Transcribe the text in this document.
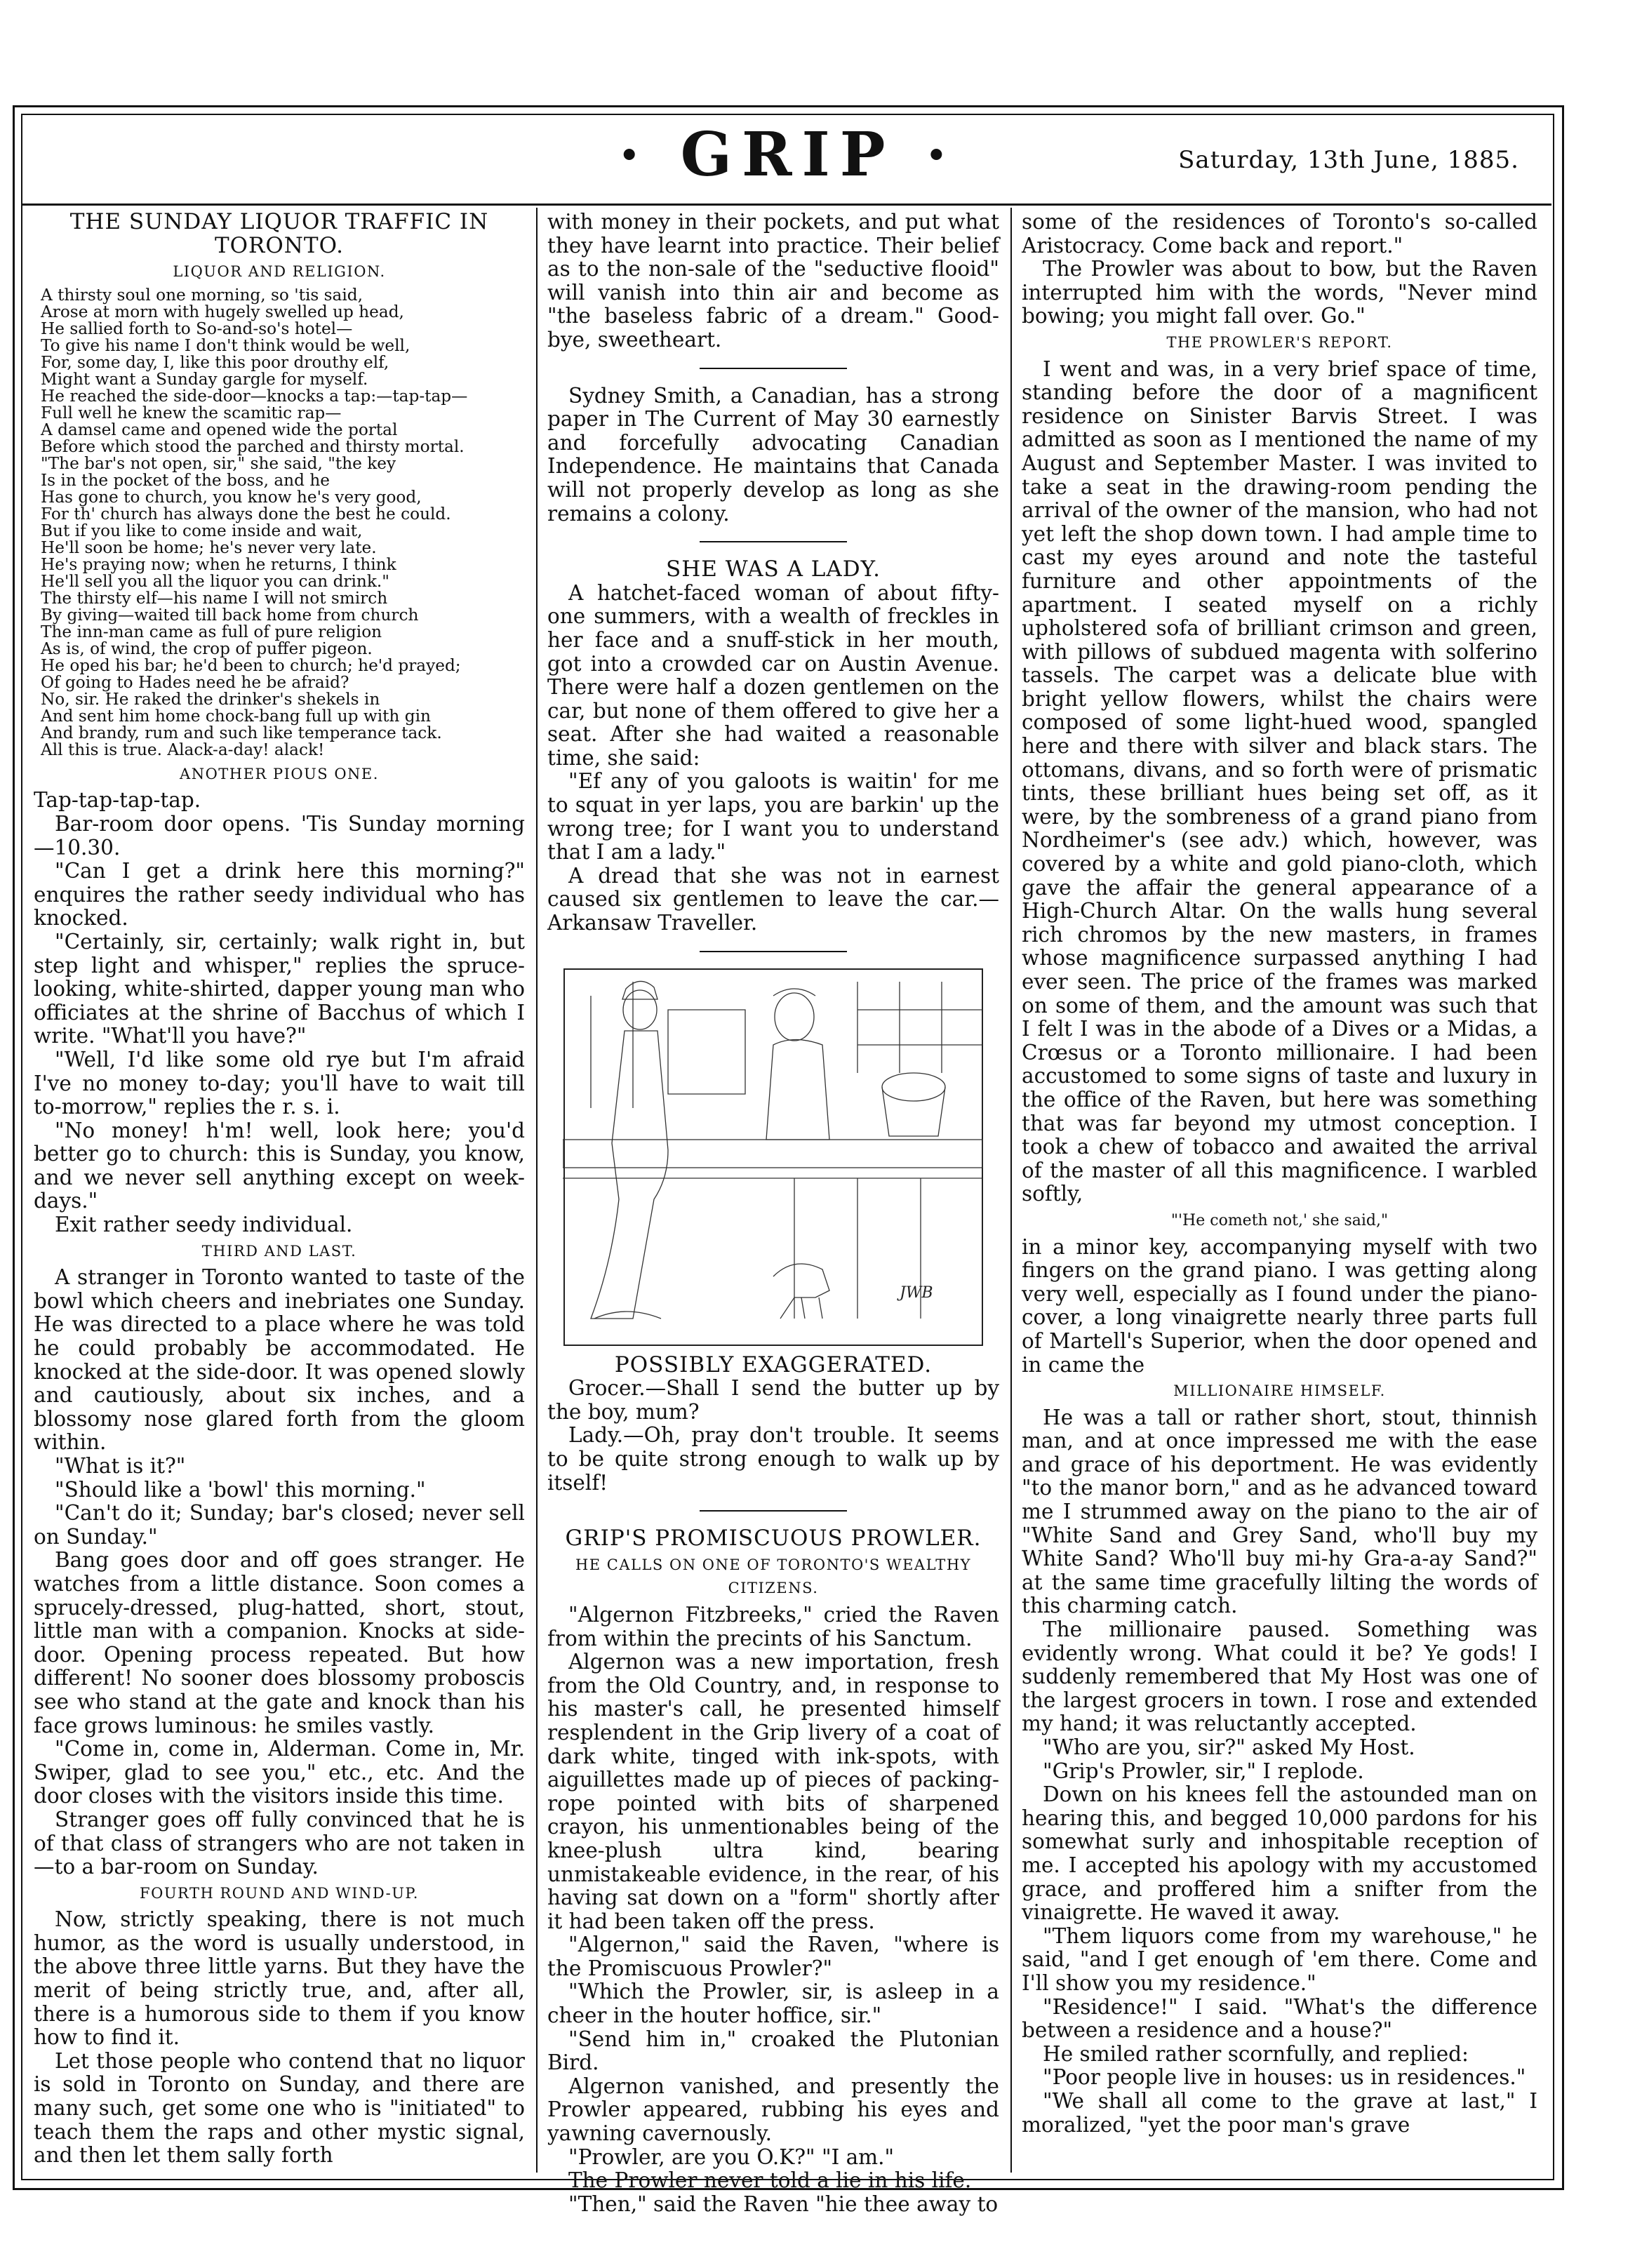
· GRIP ·	Saturday, 13th June, 1885.

THE SUNDAY LIQUOR TRAFFIC IN TORONTO.

LIQUOR AND RELIGION.

A thirsty soul one morning, so 'tis said,
Arose at morn with hugely swelled up head,
He sallied forth to So-and-so's hotel—
To give his name I don't think would be well,
For, some day, I, like this poor drouthy elf,
Might want a Sunday gargle for myself.
He reached the side-door—knocks a tap:—tap-tap—
Full well he knew the scamitic rap—
A damsel came and opened wide the portal
Before which stood the parched and thirsty mortal.
"The bar's not open, sir," she said, "the key
Is in the pocket of the boss, and he
Has gone to church, you know he's very good,
For th' church has always done the best he could.
But if you like to come inside and wait,
He'll soon be home; he's never very late.
He's praying now; when he returns, I think
He'll sell you all the liquor you can drink."
The thirsty elf—his name I will not smirch
By giving—waited till back home from church
The inn-man came as full of pure religion
As is, of wind, the crop of puffer pigeon.
He oped his bar; he'd been to church; he'd prayed;
Of going to Hades need he be afraid?
No, sir. He raked the drinker's shekels in
And sent him home chock-bang full up with gin
And brandy, rum and such like temperance tack.
All this is true. Alack-a-day! alack!

ANOTHER PIOUS ONE.

Tap-tap-tap-tap.

Bar-room door opens. 'Tis Sunday morning —10.30.

"Can I get a drink here this morning?" enquires the rather seedy individual who has knocked.

"Certainly, sir, certainly; walk right in, but step light and whisper," replies the spruce-looking, white-shirted, dapper young man who officiates at the shrine of Bacchus of which I write. "What'll you have?"

"Well, I'd like some old rye but I'm afraid I've no money to-day; you'll have to wait till to-morrow," replies the r. s. i.

"No money! h'm! well, look here; you'd better go to church: this is Sunday, you know, and we never sell anything except on week-days."

Exit rather seedy individual.

THIRD AND LAST.

A stranger in Toronto wanted to taste of the bowl which cheers and inebriates one Sunday. He was directed to a place where he was told he could probably be accommodated. He knocked at the side-door. It was opened slowly and cautiously, about six inches, and a blossomy nose glared forth from the gloom within.

"What is it?"

"Should like a 'bowl' this morning."

"Can't do it; Sunday; bar's closed; never sell on Sunday."

Bang goes door and off goes stranger. He watches from a little distance. Soon comes a sprucely-dressed, plug-hatted, short, stout, little man with a companion. Knocks at side-door. Opening process repeated. But how different! No sooner does blossomy proboscis see who stand at the gate and knock than his face grows luminous: he smiles vastly.

"Come in, come in, Alderman. Come in, Mr. Swiper, glad to see you," etc., etc. And the door closes with the visitors inside this time.

Stranger goes off fully convinced that he is of that class of strangers who are not taken in —to a bar-room on Sunday.

FOURTH ROUND AND WIND-UP.

Now, strictly speaking, there is not much humor, as the word is usually understood, in the above three little yarns. But they have the merit of being strictly true, and, after all, there is a humorous side to them if you know how to find it.

Let those people who contend that no liquor is sold in Toronto on Sunday, and there are many such, get some one who is "initiated" to teach them the raps and other mystic signal, and then let them sally forth

with money in their pockets, and put what they have learnt into practice. Their belief as to the non-sale of the "seductive flooid" will vanish into thin air and become as "the baseless fabric of a dream." Good-bye, sweetheart.

Sydney Smith, a Canadian, has a strong paper in The Current of May 30 earnestly and forcefully advocating Canadian Independence. He maintains that Canada will not properly develop as long as she remains a colony.

SHE WAS A LADY.

A hatchet-faced woman of about fifty-one summers, with a wealth of freckles in her face and a snuff-stick in her mouth, got into a crowded car on Austin Avenue. There were half a dozen gentlemen on the car, but none of them offered to give her a seat. After she had waited a reasonable time, she said:

"Ef any of you galoots is waitin' for me to squat in yer laps, you are barkin' up the wrong tree; for I want you to understand that I am a lady."

A dread that she was not in earnest caused six gentlemen to leave the car.—Arkansaw Traveller.

JWB

POSSIBLY EXAGGERATED.

Grocer.—Shall I send the butter up by the boy, mum?

Lady.—Oh, pray don't trouble. It seems to be quite strong enough to walk up by itself!

GRIP'S PROMISCUOUS PROWLER.

HE CALLS ON ONE OF TORONTO'S WEALTHY CITIZENS.

"Algernon Fitzbreeks," cried the Raven from within the precints of his Sanctum.

Algernon was a new importation, fresh from the Old Country, and, in response to his master's call, he presented himself resplendent in the Grip livery of a coat of dark white, tinged with ink-spots, with aiguillettes made up of pieces of packing-rope pointed with bits of sharpened crayon, his unmentionables being of the knee-plush ultra kind, bearing unmistakeable evidence, in the rear, of his having sat down on a "form" shortly after it had been taken off the press.

"Algernon," said the Raven, "where is the Promiscuous Prowler?"

"Which the Prowler, sir, is asleep in a cheer in the houter hoffice, sir."

"Send him in," croaked the Plutonian Bird.

Algernon vanished, and presently the Prowler appeared, rubbing his eyes and yawning cavernously.

"Prowler, are you O.K?" "I am."

The Prowler never told a lie in his life.

"Then," said the Raven "hie thee away to

some of the residences of Toronto's so-called Aristocracy. Come back and report."

The Prowler was about to bow, but the Raven interrupted him with the words, "Never mind bowing; you might fall over. Go."

THE PROWLER'S REPORT.

I went and was, in a very brief space of time, standing before the door of a magnificent residence on Sinister Barvis Street. I was admitted as soon as I mentioned the name of my August and September Master. I was invited to take a seat in the drawing-room pending the arrival of the owner of the mansion, who had not yet left the shop down town. I had ample time to cast my eyes around and note the tasteful furniture and other appointments of the apartment. I seated myself on a richly upholstered sofa of brilliant crimson and green, with pillows of subdued magenta with solferino tassels. The carpet was a delicate blue with bright yellow flowers, whilst the chairs were composed of some light-hued wood, spangled here and there with silver and black stars. The ottomans, divans, and so forth were of prismatic tints, these brilliant hues being set off, as it were, by the sombreness of a grand piano from Nordheimer's (see adv.) which, however, was covered by a white and gold piano-cloth, which gave the affair the general appearance of a High-Church Altar. On the walls hung several rich chromos by the new masters, in frames whose magnificence surpassed anything I had ever seen. The price of the frames was marked on some of them, and the amount was such that I felt I was in the abode of a Dives or a Midas, a Crœsus or a Toronto millionaire. I had been accustomed to some signs of taste and luxury in the office of the Raven, but here was something that was far beyond my utmost conception. I took a chew of tobacco and awaited the arrival of the master of all this magnificence. I warbled softly,

"'He cometh not,' she said,"

in a minor key, accompanying myself with two fingers on the grand piano. I was getting along very well, especially as I found under the piano-cover, a long vinaigrette nearly three parts full of Martell's Superior, when the door opened and in came the

MILLIONAIRE HIMSELF.

He was a tall or rather short, stout, thinnish man, and at once impressed me with the ease and grace of his deportment. He was evidently "to the manor born," and as he advanced toward me I strummed away on the piano to the air of "White Sand and Grey Sand, who'll buy my White Sand? Who'll buy mi-hy Gra-a-ay Sand?" at the same time gracefully lilting the words of this charming catch.

The millionaire paused. Something was evidently wrong. What could it be? Ye gods! I suddenly remembered that My Host was one of the largest grocers in town. I rose and extended my hand; it was reluctantly accepted.

"Who are you, sir?" asked My Host.

"Grip's Prowler, sir," I replode.

Down on his knees fell the astounded man on hearing this, and begged 10,000 pardons for his somewhat surly and inhospitable reception of me. I accepted his apology with my accustomed grace, and proffered him a snifter from the vinaigrette. He waved it away.

"Them liquors come from my warehouse," he said, "and I get enough of 'em there. Come and I'll show you my residence."

"Residence!" I said. "What's the difference between a residence and a house?"

He smiled rather scornfully, and replied:

"Poor people live in houses: us in residences."

"We shall all come to the grave at last," I moralized, "yet the poor man's grave
